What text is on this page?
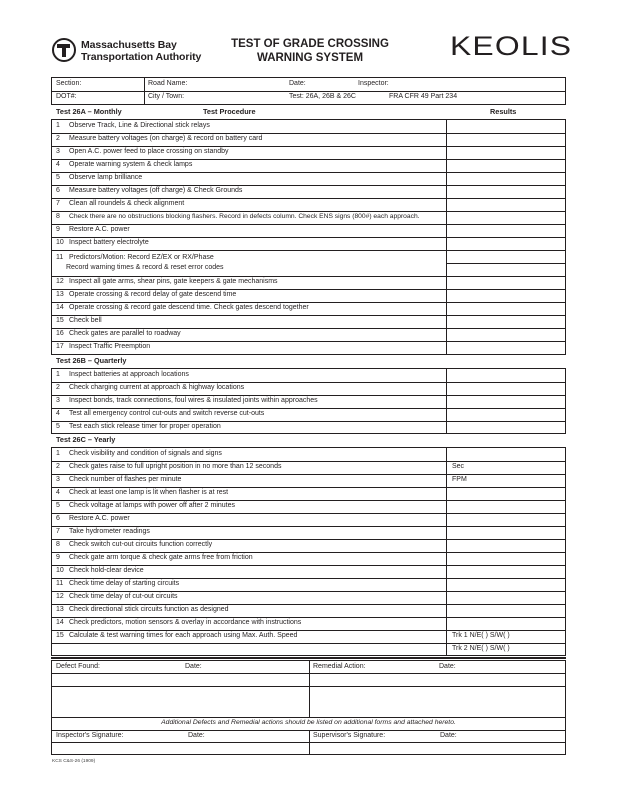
Massachusetts Bay
Transportation Authority
TEST OF GRADE CROSSING
WARNING SYSTEM	KEOLIS
Section:	Road Name:	Date:	Inspector:
DOT#:	City / Town:	Test: 26A, 26B & 26C	FRA CFR 49 Part 234
Test 26A – Monthly	Test Procedure	Results
1 Observe Track, Line & Directional stick relays
2 Measure battery voltages (on charge) & record on battery card
3 Open A.C. power feed to place crossing on standby
4 Operate warning system & check lamps
5 Observe lamp brilliance
6 Measure battery voltages (off charge) & Check Grounds
7 Clean all roundels & check alignment
8 Check there are no obstructions blocking flashers. Record in defects column. Check ENS signs (800#) each approach.
9 Restore A.C. power
10 Inspect battery electrolyte
11 Predictors/Motion: Record EZ/EX or RX/Phase
Record warning times & record & reset error codes
12 Inspect all gate arms, shear pins, gate keepers & gate mechanisms
13 Operate crossing & record delay of gate descend time
14 Operate crossing & record gate descend time. Check gates descend together
15 Check bell
16 Check gates are parallel to roadway
17 Inspect Traffic Preemption
Test 26B – Quarterly
1 Inspect batteries at approach locations
2 Check charging current at approach & highway locations
3 Inspect bonds, track connections, foul wires & insulated joints within approaches
4 Test all emergency control cut-outs and switch reverse cut-outs
5 Test each stick release timer for proper operation
Test 26C – Yearly
1 Check visibility and condition of signals and signs
2 Check gates raise to full upright position in no more than 12 seconds	Sec
3 Check number of flashes per minute	FPM
4 Check at least one lamp is lit when flasher is at rest
5 Check voltage at lamps with power off after 2 minutes
6 Restore A.C. power
7 Take hydrometer readings
8 Check switch cut-out circuits function correctly
9 Check gate arm torque & check gate arms free from friction
10 Check hold-clear device
11 Check time delay of starting circuits
12 Check time delay of cut-out circuits
13 Check directional stick circuits function as designed
14 Check predictors, motion sensors & overlay in accordance with instructions
15 Calculate & test warning times for each approach using Max. Auth. Speed	Trk 1 N/E( ) S/W( )
Trk 2 N/E( ) S/W( )
Defect Found:	Date:	Remedial Action:	Date:
Additional Defects and Remedial actions should be listed on additional forms and attached hereto.
Inspector's Signature:	Date:	Supervisor's Signature:	Date:
KCS C&S-26 (1909)
